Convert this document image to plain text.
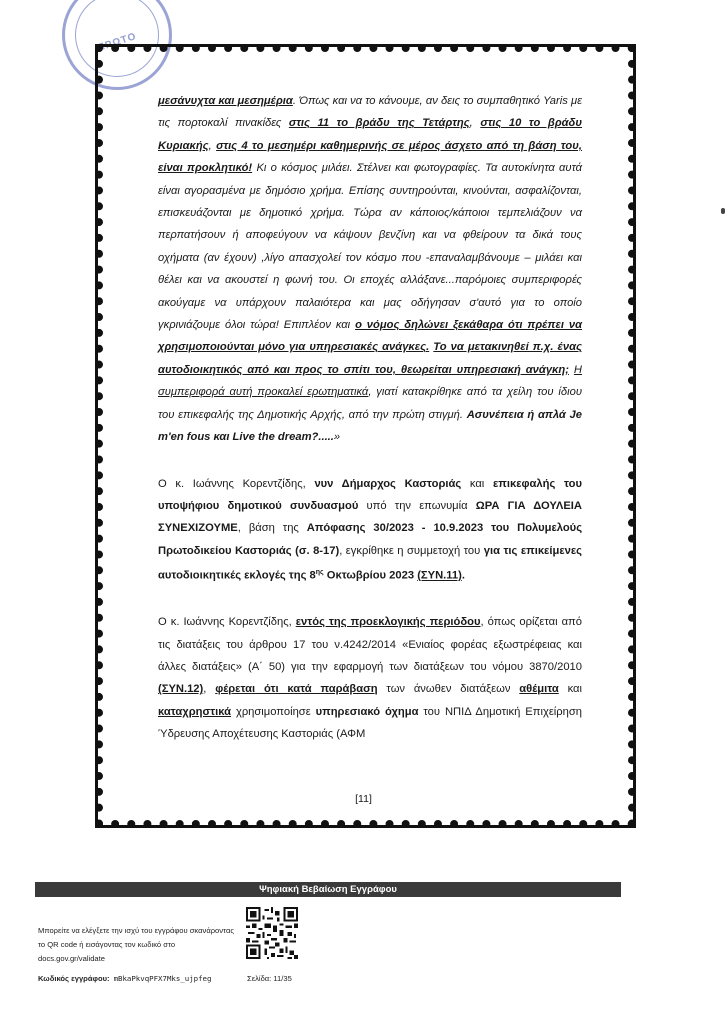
ΠΡΩΤΟ

μεσάνυχτα και μεσημέρια. Όπως και να το κάνουμε, αν δεις το συμπαθητικό Yaris με τις πορτοκαλί πινακίδες στις 11 το βράδυ της Τετάρτης, στις 10 το βράδυ Κυριακής, στις 4 το μεσημέρι καθημερινής σε μέρος άσχετο από τη βάση του, είναι προκλητικό! Κι ο κόσμος μιλάει. Στέλνει και φωτογραφίες. Τα αυτοκίνητα αυτά είναι αγορασμένα με δημόσιο χρήμα. Επίσης συντηρούνται, κινούνται, ασφαλίζονται, επισκευάζονται με δημοτικό χρήμα. Τώρα αν κάποιος/κάποιοι τεμπελιάζουν να περπατήσουν ή αποφεύγουν να κάψουν βενζίνη και να φθείρουν τα δικά τους οχήματα (αν έχουν) ,λίγο απασχολεί τον κόσμο που -επαναλαμβάνουμε – μιλάει και θέλει και να ακουστεί η φωνή του. Οι εποχές αλλάξανε...παρόμοιες συμπεριφορές ακούγαμε να υπάρχουν παλαιότερα και μας οδήγησαν σ'αυτό για το οποίο γκρινιάζουμε όλοι τώρα! Επιπλέον και ο νόμος δηλώνει ξεκάθαρα ότι πρέπει να χρησιμοποιούνται μόνο για υπηρεσιακές ανάγκες. Το να μετακινηθεί π.χ. ένας αυτοδιοικητικός από και προς το σπίτι του, θεωρείται υπηρεσιακή ανάγκη; Η συμπεριφορά αυτή προκαλεί ερωτηματικά, γιατί κατακρίθηκε από τα χείλη του ίδιου του επικεφαλής της Δημοτικής Αρχής, από την πρώτη στιγμή. Ασυνέπεια ή απλά Je m'en fous και Live the dream?.....»

Ο κ. Ιωάννης Κορεντζίδης, νυν Δήμαρχος Καστοριάς και επικεφαλής του υποψήφιου δημοτικού συνδυασμού υπό την επωνυμία ΩΡΑ ΓΙΑ ΔΟΥΛΕΙΑ ΣΥΝΕΧΙΖΟΥΜΕ, βάση της Απόφασης 30/2023 - 10.9.2023 του Πολυμελούς Πρωτοδικείου Καστοριάς (σ. 8-17), εγκρίθηκε η συμμετοχή του για τις επικείμενες αυτοδιοικητικές εκλογές της $8^{\eta\varsigma}$ Οκτωβρίου 2023 (ΣΥΝ.11).

Ο κ. Ιωάννης Κορεντζίδης, εντός της προεκλογικής περιόδου, όπως ορίζεται από τις διατάξεις του άρθρου 17 του ν.4242/2014 «Ενιαίος φορέας εξωστρέφειας και άλλες διατάξεις» (Α΄ 50) για την εφαρμογή των διατάξεων του νόμου 3870/2010 (ΣΥΝ.12), φέρεται ότι κατά παράβαση των άνωθεν διατάξεων αθέμιτα και καταχρηστικά χρησιμοποίησε υπηρεσιακό όχημα του ΝΠΙΔ Δημοτική Επιχείρηση Ύδρευσης Αποχέτευσης Καστοριάς (ΑΦΜ

[11]
Ψηφιακή Βεβαίωση Εγγράφου
Μπορείτε να ελέγξετε την ισχύ του εγγράφου σκανάροντας το QR code ή εισάγοντας τον κωδικό στο docs.gov.gr/validate
Κωδικός εγγράφου: mBkaPkvqPFX7Mks_ujpfeg	Σελίδα: 11/35
